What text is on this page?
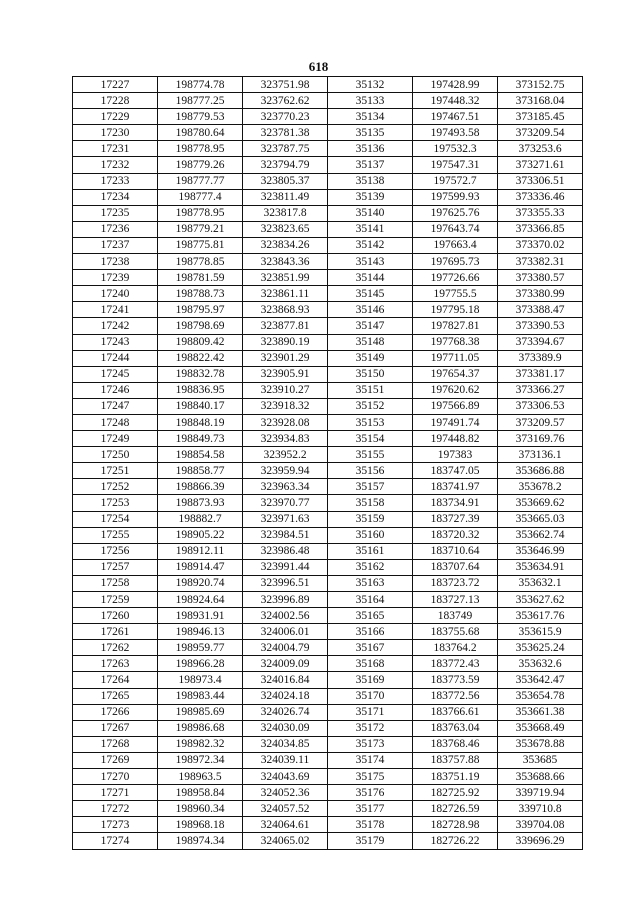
618
17227	198774.78	323751.98	35132	197428.99	373152.75
17228	198777.25	323762.62	35133	197448.32	373168.04
17229	198779.53	323770.23	35134	197467.51	373185.45
17230	198780.64	323781.38	35135	197493.58	373209.54
17231	198778.95	323787.75	35136	197532.3	373253.6
17232	198779.26	323794.79	35137	197547.31	373271.61
17233	198777.77	323805.37	35138	197572.7	373306.51
17234	198777.4	323811.49	35139	197599.93	373336.46
17235	198778.95	323817.8	35140	197625.76	373355.33
17236	198779.21	323823.65	35141	197643.74	373366.85
17237	198775.81	323834.26	35142	197663.4	373370.02
17238	198778.85	323843.36	35143	197695.73	373382.31
17239	198781.59	323851.99	35144	197726.66	373380.57
17240	198788.73	323861.11	35145	197755.5	373380.99
17241	198795.97	323868.93	35146	197795.18	373388.47
17242	198798.69	323877.81	35147	197827.81	373390.53
17243	198809.42	323890.19	35148	197768.38	373394.67
17244	198822.42	323901.29	35149	197711.05	373389.9
17245	198832.78	323905.91	35150	197654.37	373381.17
17246	198836.95	323910.27	35151	197620.62	373366.27
17247	198840.17	323918.32	35152	197566.89	373306.53
17248	198848.19	323928.08	35153	197491.74	373209.57
17249	198849.73	323934.83	35154	197448.82	373169.76
17250	198854.58	323952.2	35155	197383	373136.1
17251	198858.77	323959.94	35156	183747.05	353686.88
17252	198866.39	323963.34	35157	183741.97	353678.2
17253	198873.93	323970.77	35158	183734.91	353669.62
17254	198882.7	323971.63	35159	183727.39	353665.03
17255	198905.22	323984.51	35160	183720.32	353662.74
17256	198912.11	323986.48	35161	183710.64	353646.99
17257	198914.47	323991.44	35162	183707.64	353634.91
17258	198920.74	323996.51	35163	183723.72	353632.1
17259	198924.64	323996.89	35164	183727.13	353627.62
17260	198931.91	324002.56	35165	183749	353617.76
17261	198946.13	324006.01	35166	183755.68	353615.9
17262	198959.77	324004.79	35167	183764.2	353625.24
17263	198966.28	324009.09	35168	183772.43	353632.6
17264	198973.4	324016.84	35169	183773.59	353642.47
17265	198983.44	324024.18	35170	183772.56	353654.78
17266	198985.69	324026.74	35171	183766.61	353661.38
17267	198986.68	324030.09	35172	183763.04	353668.49
17268	198982.32	324034.85	35173	183768.46	353678.88
17269	198972.34	324039.11	35174	183757.88	353685
17270	198963.5	324043.69	35175	183751.19	353688.66
17271	198958.84	324052.36	35176	182725.92	339719.94
17272	198960.34	324057.52	35177	182726.59	339710.8
17273	198968.18	324064.61	35178	182728.98	339704.08
17274	198974.34	324065.02	35179	182726.22	339696.29
